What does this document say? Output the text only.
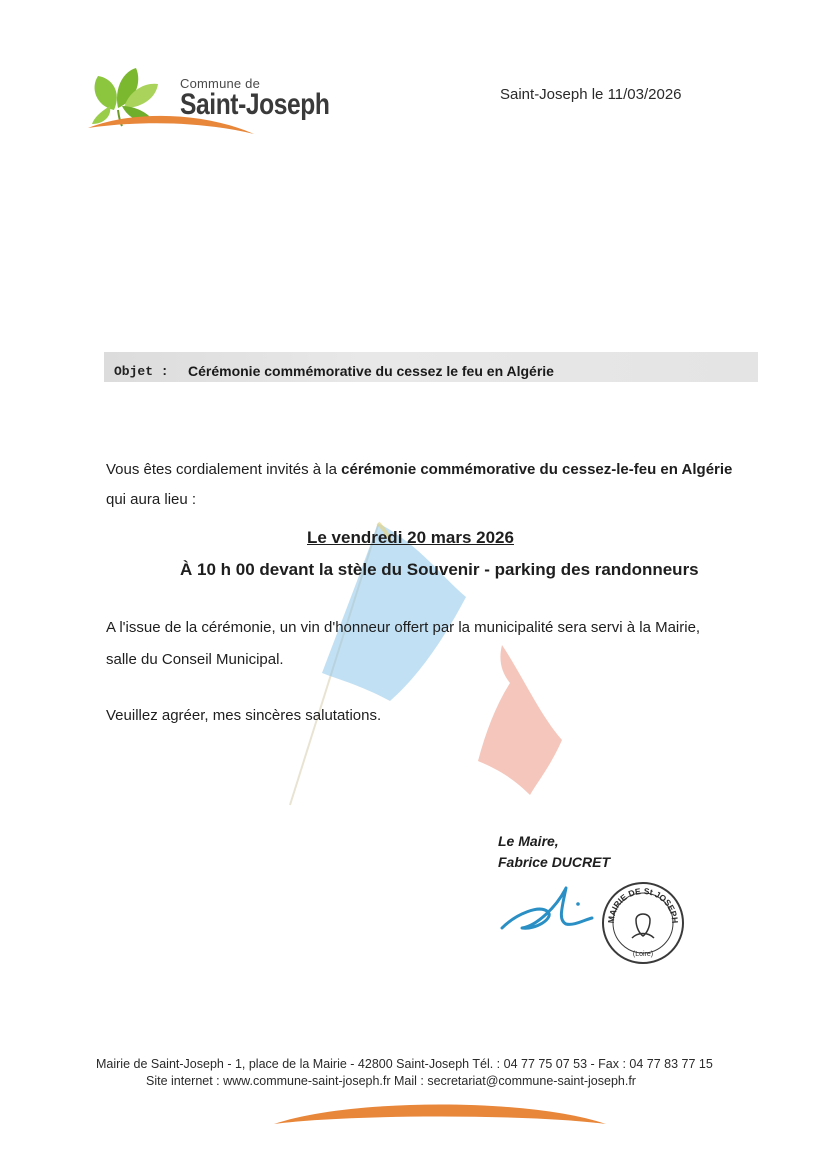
Commune de
Saint-Joseph	Saint-Joseph le 11/03/2026
Objet : Cérémonie commémorative du cessez le feu en Algérie
Vous êtes cordialement invités à la cérémonie commémorative du cessez-le-feu en Algérie
qui aura lieu :
Le vendredi 20 mars 2026
À 10 h 00 devant la stèle du Souvenir - parking des randonneurs
A l'issue de la cérémonie, un vin d'honneur offert par la municipalité sera servi à la Mairie,
salle du Conseil Municipal.
Veuillez agréer, mes sincères salutations.
Le Maire,
Fabrice DUCRET
MAIRIE DE St JOSEPH
(Loire)
Mairie de Saint-Joseph - 1, place de la Mairie - 42800 Saint-Joseph Tél. : 04 77 75 07 53 - Fax : 04 77 83 77 15
Site internet : www.commune-saint-joseph.fr Mail : secretariat@commune-saint-joseph.fr
